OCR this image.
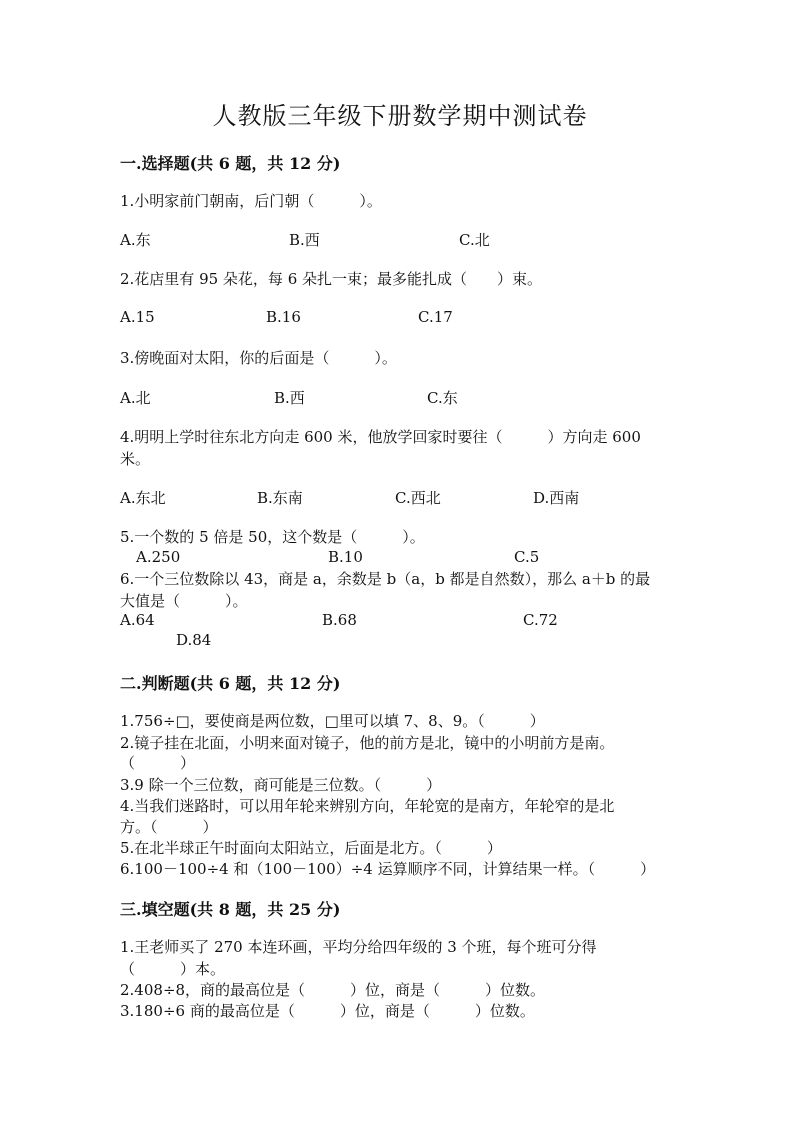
人教版三年级下册数学期中测试卷
一.选择题(共 6 题，共 12 分)
1.小明家前门朝南，后门朝（　　　）。
A.东	B.西	C.北
2.花店里有 95 朵花，每 6 朵扎一束；最多能扎成（　　）束。
A.15	B.16	C.17
3.傍晚面对太阳，你的后面是（　　　）。
A.北	B.西	C.东
4.明明上学时往东北方向走 600 米，他放学回家时要往（　　　）方向走 600
米。
A.东北	B.东南	C.西北	D.西南
5.一个数的 5 倍是 50，这个数是（　　　）。
A.250	B.10	C.5
6.一个三位数除以 43，商是 a，余数是 b（a，b 都是自然数），那么 a＋b 的最
大值是（　　　）。
A.64	B.68	C.72
D.84
二.判断题(共 6 题，共 12 分)
1.756÷□，要使商是两位数，□里可以填 7、8、9。（　　　）
2.镜子挂在北面，小明来面对镜子，他的前方是北，镜中的小明前方是南。
（　　　）
3.9 除一个三位数，商可能是三位数。（　　　）
4.当我们迷路时，可以用年轮来辨别方向，年轮宽的是南方，年轮窄的是北
方。（　　　）
5.在北半球正午时面向太阳站立，后面是北方。（　　　）
6.100－100÷4 和（100－100）÷4 运算顺序不同，计算结果一样。（　　　）
三.填空题(共 8 题，共 25 分)
1.王老师买了 270 本连环画，平均分给四年级的 3 个班，每个班可分得
（　　　）本。
2.408÷8，商的最高位是（　　　）位，商是（　　　）位数。
3.180÷6 商的最高位是（　　　）位，商是（　　　）位数。
